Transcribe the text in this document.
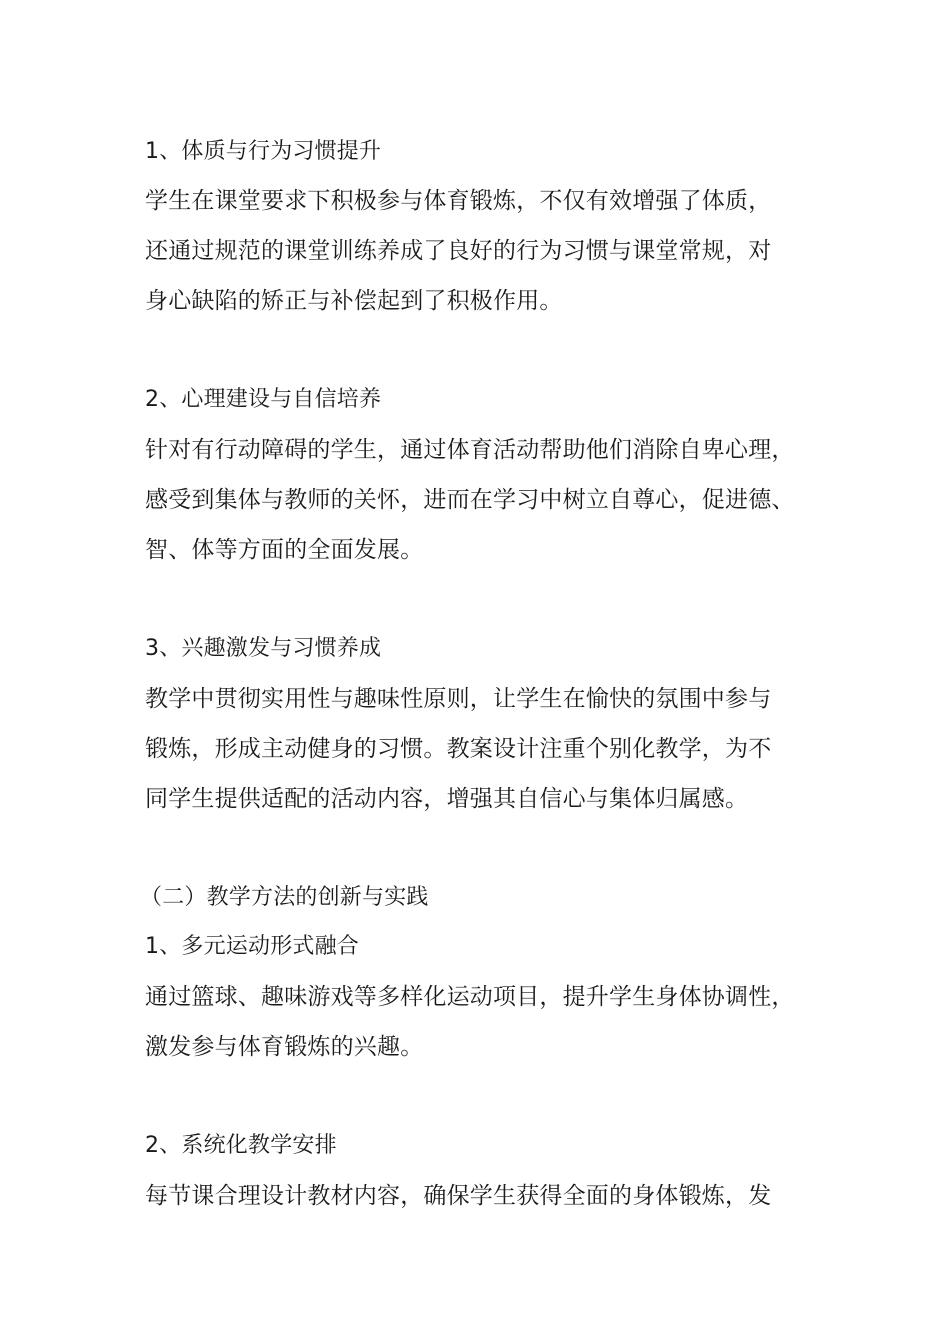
1、体质与行为习惯提升
学生在课堂要求下积极参与体育锻炼，不仅有效增强了体质，
还通过规范的课堂训练养成了良好的行为习惯与课堂常规，对
身心缺陷的矫正与补偿起到了积极作用。
2、心理建设与自信培养
针对有行动障碍的学生，通过体育活动帮助他们消除自卑心理，
感受到集体与教师的关怀，进而在学习中树立自尊心，促进德、
智、体等方面的全面发展。
3、兴趣激发与习惯养成
教学中贯彻实用性与趣味性原则，让学生在愉快的氛围中参与
锻炼，形成主动健身的习惯。教案设计注重个别化教学，为不
同学生提供适配的活动内容，增强其自信心与集体归属感。
（二）教学方法的创新与实践
1、多元运动形式融合
通过篮球、趣味游戏等多样化运动项目，提升学生身体协调性，
激发参与体育锻炼的兴趣。
2、系统化教学安排
每节课合理设计教材内容，确保学生获得全面的身体锻炼，发
